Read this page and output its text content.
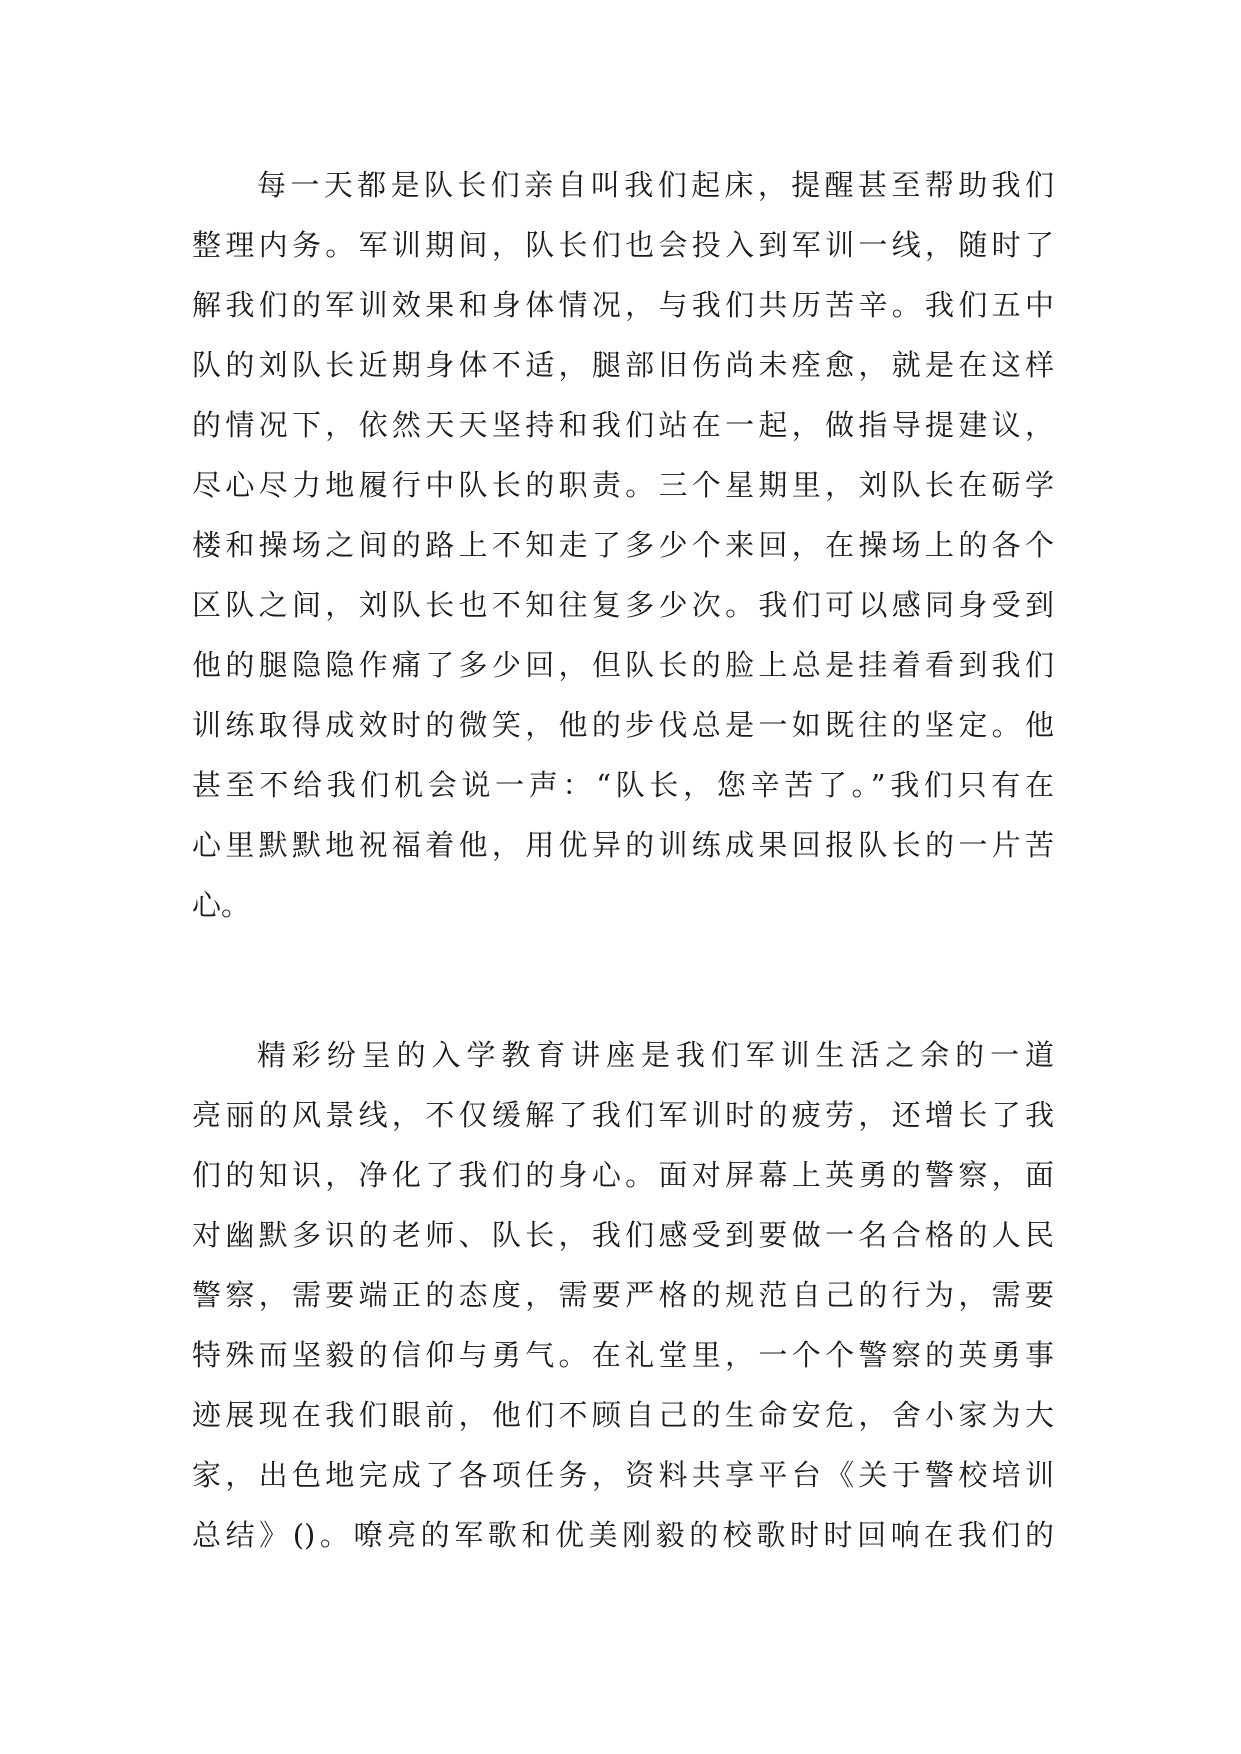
每一天都是队长们亲自叫我们起床，提醒甚至帮助我们
整理内务。军训期间，队长们也会投入到军训一线，随时了
解我们的军训效果和身体情况，与我们共历苦辛。我们五中
队的刘队长近期身体不适，腿部旧伤尚未痊愈，就是在这样
的情况下，依然天天坚持和我们站在一起，做指导提建议，
尽心尽力地履行中队长的职责。三个星期里，刘队长在砺学
楼和操场之间的路上不知走了多少个来回，在操场上的各个
区队之间，刘队长也不知往复多少次。我们可以感同身受到
他的腿隐隐作痛了多少回，但队长的脸上总是挂着看到我们
训练取得成效时的微笑，他的步伐总是一如既往的坚定。他
甚至不给我们机会说一声：“队长，您辛苦了。”我们只有在
心里默默地祝福着他，用优异的训练成果回报队长的一片苦
心。
精彩纷呈的入学教育讲座是我们军训生活之余的一道
亮丽的风景线，不仅缓解了我们军训时的疲劳，还增长了我
们的知识，净化了我们的身心。面对屏幕上英勇的警察，面
对幽默多识的老师、队长，我们感受到要做一名合格的人民
警察，需要端正的态度，需要严格的规范自己的行为，需要
特殊而坚毅的信仰与勇气。在礼堂里，一个个警察的英勇事
迹展现在我们眼前，他们不顾自己的生命安危，舍小家为大
家，出色地完成了各项任务，资料共享平台《关于警校培训
总结》()。嘹亮的军歌和优美刚毅的校歌时时回响在我们的
